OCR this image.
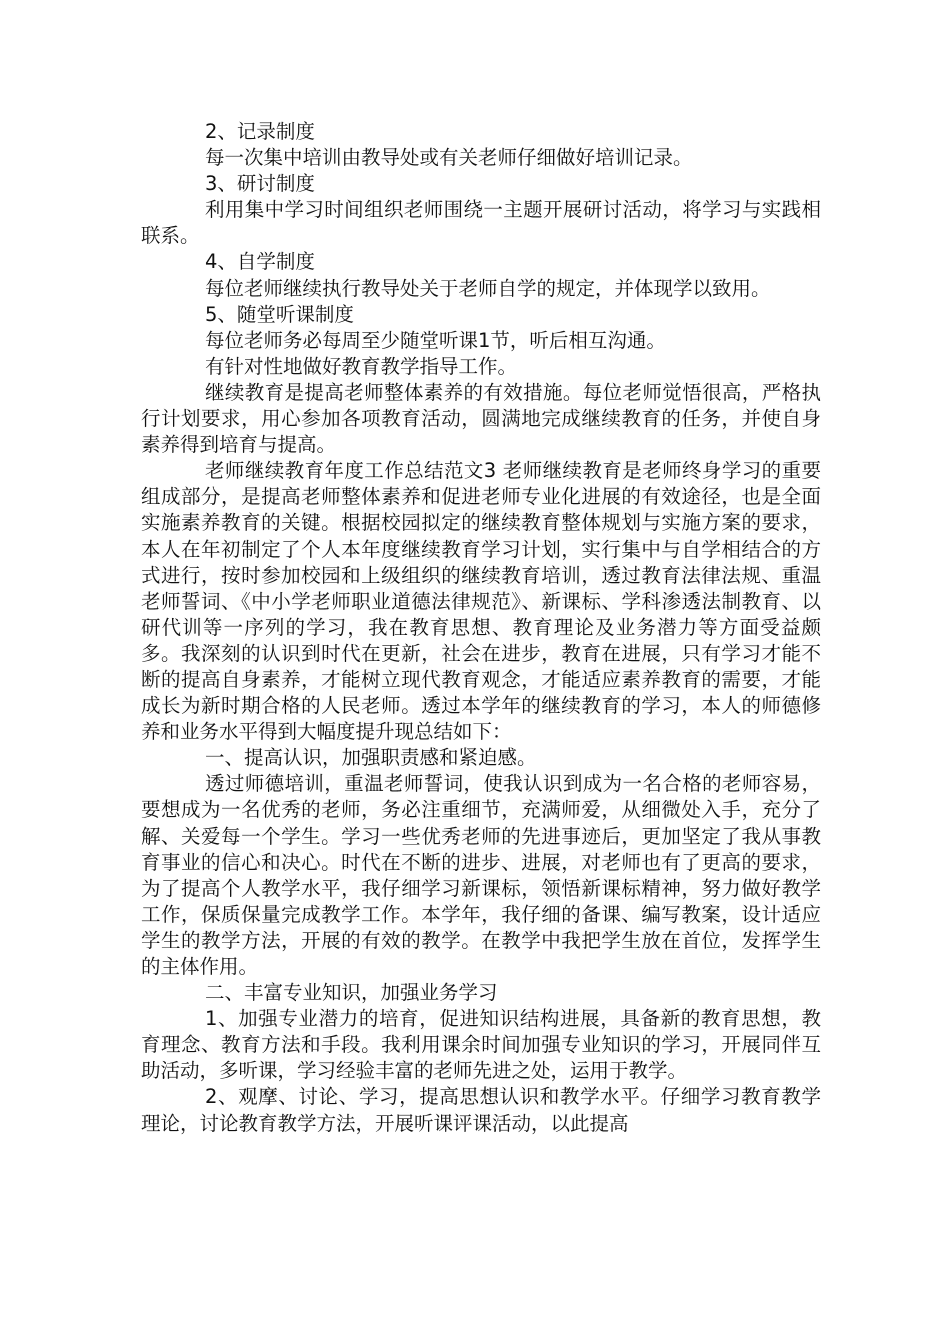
2、记录制度

每一次集中培训由教导处或有关老师仔细做好培训记录。

3、研讨制度

利用集中学习时间组织老师围绕一主题开展研讨活动，将学习与实践相联系。

4、自学制度

每位老师继续执行教导处关于老师自学的规定，并体现学以致用。

5、随堂听课制度

每位老师务必每周至少随堂听课1节，听后相互沟通。

有针对性地做好教育教学指导工作。

继续教育是提高老师整体素养的有效措施。每位老师觉悟很高，严格执行计划要求，用心参加各项教育活动，圆满地完成继续教育的任务，并使自身素养得到培育与提高。

老师继续教育年度工作总结范文3 老师继续教育是老师终身学习的重要组成部分，是提高老师整体素养和促进老师专业化进展的有效途径，也是全面实施素养教育的关键。根据校园拟定的继续教育整体规划与实施方案的要求，本人在年初制定了个人本年度继续教育学习计划，实行集中与自学相结合的方式进行，按时参加校园和上级组织的继续教育培训，透过教育法律法规、重温老师誓词、《中小学老师职业道德法律规范》、新课标、学科渗透法制教育、以研代训等一序列的学习，我在教育思想、教育理论及业务潜力等方面受益颇多。我深刻的认识到时代在更新，社会在进步，教育在进展，只有学习才能不断的提高自身素养，才能树立现代教育观念，才能适应素养教育的需要，才能成长为新时期合格的人民老师。透过本学年的继续教育的学习，本人的师德修养和业务水平得到大幅度提升现总结如下：

一、提高认识，加强职责感和紧迫感。

透过师德培训，重温老师誓词，使我认识到成为一名合格的老师容易，要想成为一名优秀的老师，务必注重细节，充满师爱，从细微处入手，充分了解、关爱每一个学生。学习一些优秀老师的先进事迹后，更加坚定了我从事教育事业的信心和决心。时代在不断的进步、进展，对老师也有了更高的要求，为了提高个人教学水平，我仔细学习新课标，领悟新课标精神，努力做好教学工作，保质保量完成教学工作。本学年，我仔细的备课、编写教案，设计适应学生的教学方法，开展的有效的教学。在教学中我把学生放在首位，发挥学生的主体作用。

二、丰富专业知识，加强业务学习

1、加强专业潜力的培育，促进知识结构进展，具备新的教育思想，教育理念、教育方法和手段。我利用课余时间加强专业知识的学习，开展同伴互助活动，多听课，学习经验丰富的老师先进之处，运用于教学。

2、观摩、讨论、学习，提高思想认识和教学水平。仔细学习教育教学理论，讨论教育教学方法，开展听课评课活动，以此提高
